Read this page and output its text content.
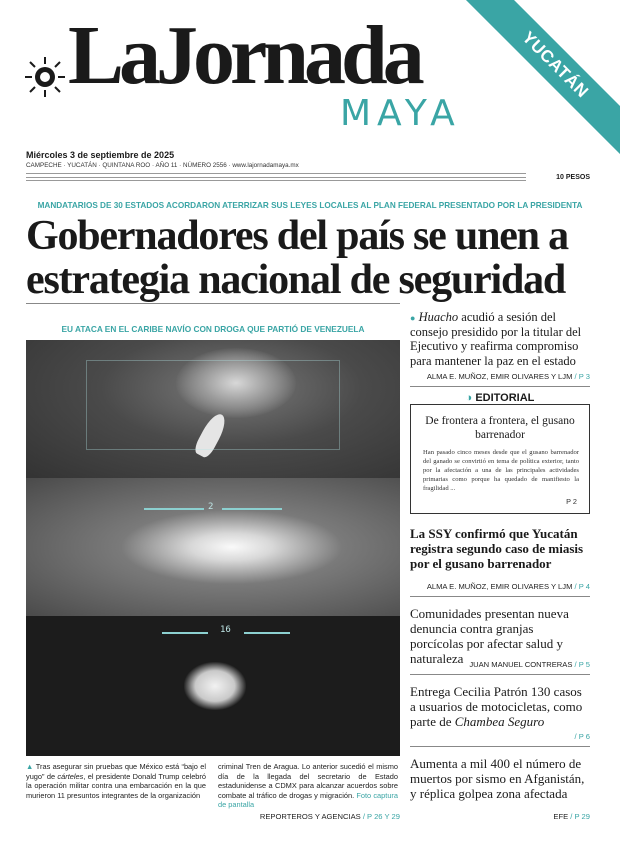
LaJornada
MAYA
YUCATÁN
Miércoles 3 de septiembre de 2025
CAMPECHE · YUCATÁN · QUINTANA ROO · AÑO 11 · NÚMERO 2556 · www.lajornadamaya.mx
10 PESOS
MANDATARIOS DE 30 ESTADOS ACORDARON ATERRIZAR SUS LEYES LOCALES AL PLAN FEDERAL PRESENTADO POR LA PRESIDENTA
Gobernadores del país se unen a estrategia nacional de seguridad
EU ATACA EN EL CARIBE NAVÍO CON DROGA QUE PARTIÓ DE VENEZUELA
2
16
▲ Tras asegurar sin pruebas que México está “bajo el yugo” de cárteles, el presidente Donald Trump celebró la operación militar contra una embarcación en la que murieron 11 presuntos integrantes de la organización
criminal Tren de Aragua. Lo anterior sucedió el mismo día de la llegada del secretario de Estado estadunidense a CDMX para alcanzar acuerdos sobre combate al tráfico de drogas y migración. Foto captura de pantalla
REPORTEROS Y AGENCIAS / P 26 Y 29
● Huacho acudió a sesión del consejo presidido por la titular del Ejecutivo y reafirma compromiso para mantener la paz en el estado
ALMA E. MUÑOZ, EMIR OLIVARES Y LJM / P 3
◑ EDITORIAL
De frontera a frontera, el gusano barrenador
Han pasado cinco meses desde que el gusano barrenador del ganado se convirtió en tema de política exterior, tanto por la afectación a una de las principales actividades primarias como porque ha quedado de manifiesto la fragilidad ...
P 2
La SSY confirmó que Yucatán registra segundo caso de miasis por el gusano barrenador
ALMA E. MUÑOZ, EMIR OLIVARES Y LJM / P 4
Comunidades presentan nueva denuncia contra granjas porcícolas por afectar salud y naturaleza JUAN MANUEL CONTRERAS / P 5
Entrega Cecilia Patrón 130 casos a usuarios de motocicletas, como parte de Chambea Seguro
/ P 6
Aumenta a mil 400 el número de muertos por sismo en Afganistán, y réplica golpea zona afectada
EFE / P 29
